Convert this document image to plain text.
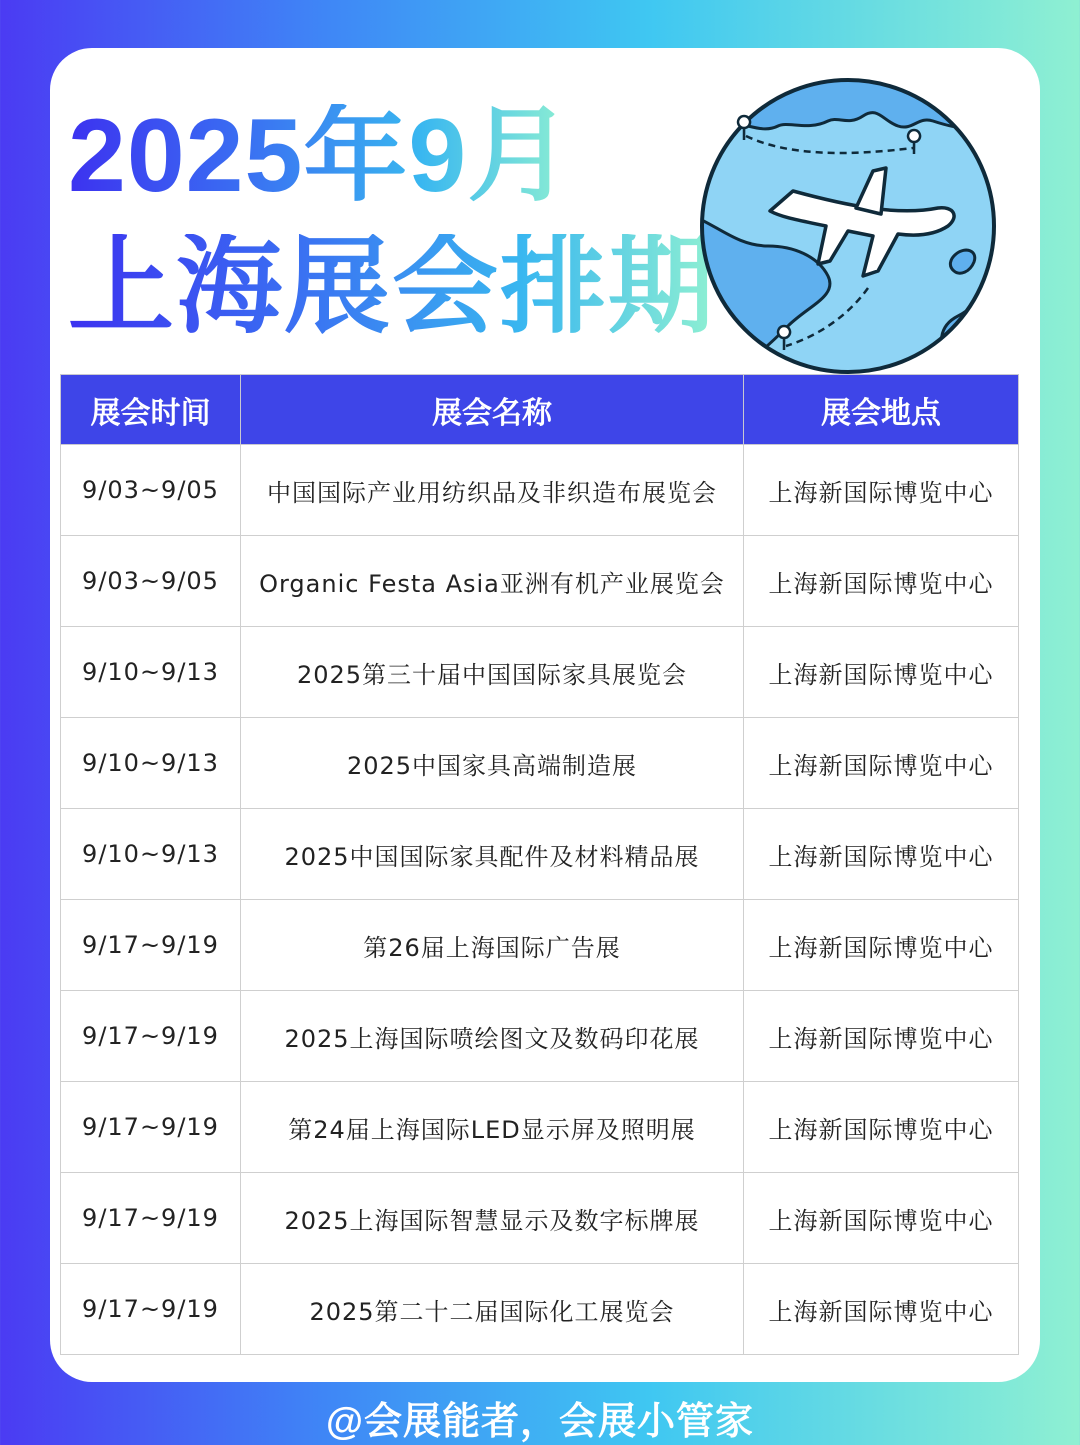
2025年9月
上海展会排期
展会时间	展会名称	展会地点
9/03~9/05	中国国际产业用纺织品及非织造布展览会	上海新国际博览中心
9/03~9/05	Organic Festa Asia亚洲有机产业展览会	上海新国际博览中心
9/10~9/13	2025第三十届中国国际家具展览会	上海新国际博览中心
9/10~9/13	2025中国家具高端制造展	上海新国际博览中心
9/10~9/13	2025中国国际家具配件及材料精品展	上海新国际博览中心
9/17~9/19	第26届上海国际广告展	上海新国际博览中心
9/17~9/19	2025上海国际喷绘图文及数码印花展	上海新国际博览中心
9/17~9/19	第24届上海国际LED显示屏及照明展	上海新国际博览中心
9/17~9/19	2025上海国际智慧显示及数字标牌展	上海新国际博览中心
9/17~9/19	2025第二十二届国际化工展览会	上海新国际博览中心
@会展能者，会展小管家
